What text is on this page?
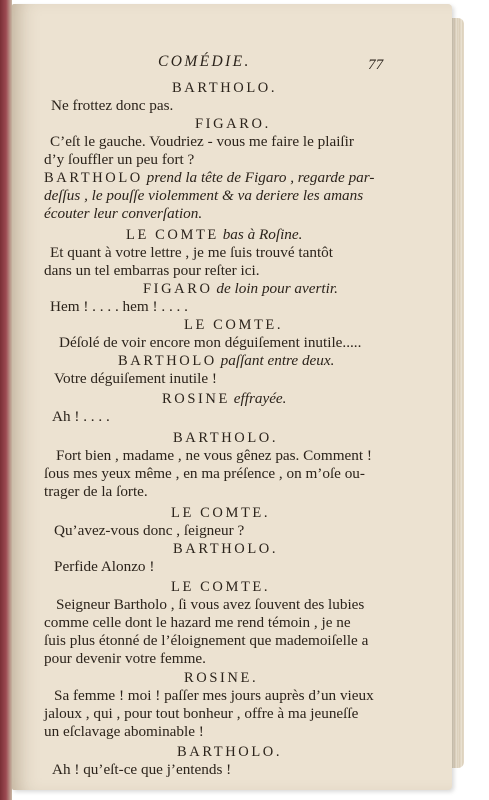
COMÉDIE.	77
BARTHOLO.
Ne frottez donc pas.
FIGARO.
C’eſt le gauche. Voudriez - vous me faire le plaiſir
d’y ſouffler un peu fort ?
BARTHOLO prend la tête de Figaro , regarde par-
deſſus , le pouſſe violemment & va deriere les amans
écouter leur converſation.
LE COMTE bas à Roſine.
Et quant à votre lettre , je me ſuis trouvé tantôt
dans un tel embarras pour reſter ici.
FIGARO de loin pour avertir.
Hem ! . . . . hem ! . . . .
LE COMTE.
Déſolé de voir encore mon déguiſement inutile.....
BARTHOLO paſſant entre deux.
Votre déguiſement inutile !
ROSINE effrayée.
Ah ! . . . .
BARTHOLO.
Fort bien , madame , ne vous gênez pas. Comment !
ſous mes yeux même , en ma préſence , on m’oſe ou-
trager de la ſorte.
LE COMTE.
Qu’avez-vous donc , ſeigneur ?
BARTHOLO.
Perfide Alonzo !
LE COMTE.
Seigneur Bartholo , ſi vous avez ſouvent des lubies
comme celle dont le hazard me rend témoin , je ne
ſuis plus étonné de l’éloignement que mademoiſelle a
pour devenir votre femme.
ROSINE.
Sa femme ! moi ! paſſer mes jours auprès d’un vieux
jaloux , qui , pour tout bonheur , offre à ma jeuneſſe
un eſclavage abominable !
BARTHOLO.
Ah ! qu’eſt-ce que j’entends !
